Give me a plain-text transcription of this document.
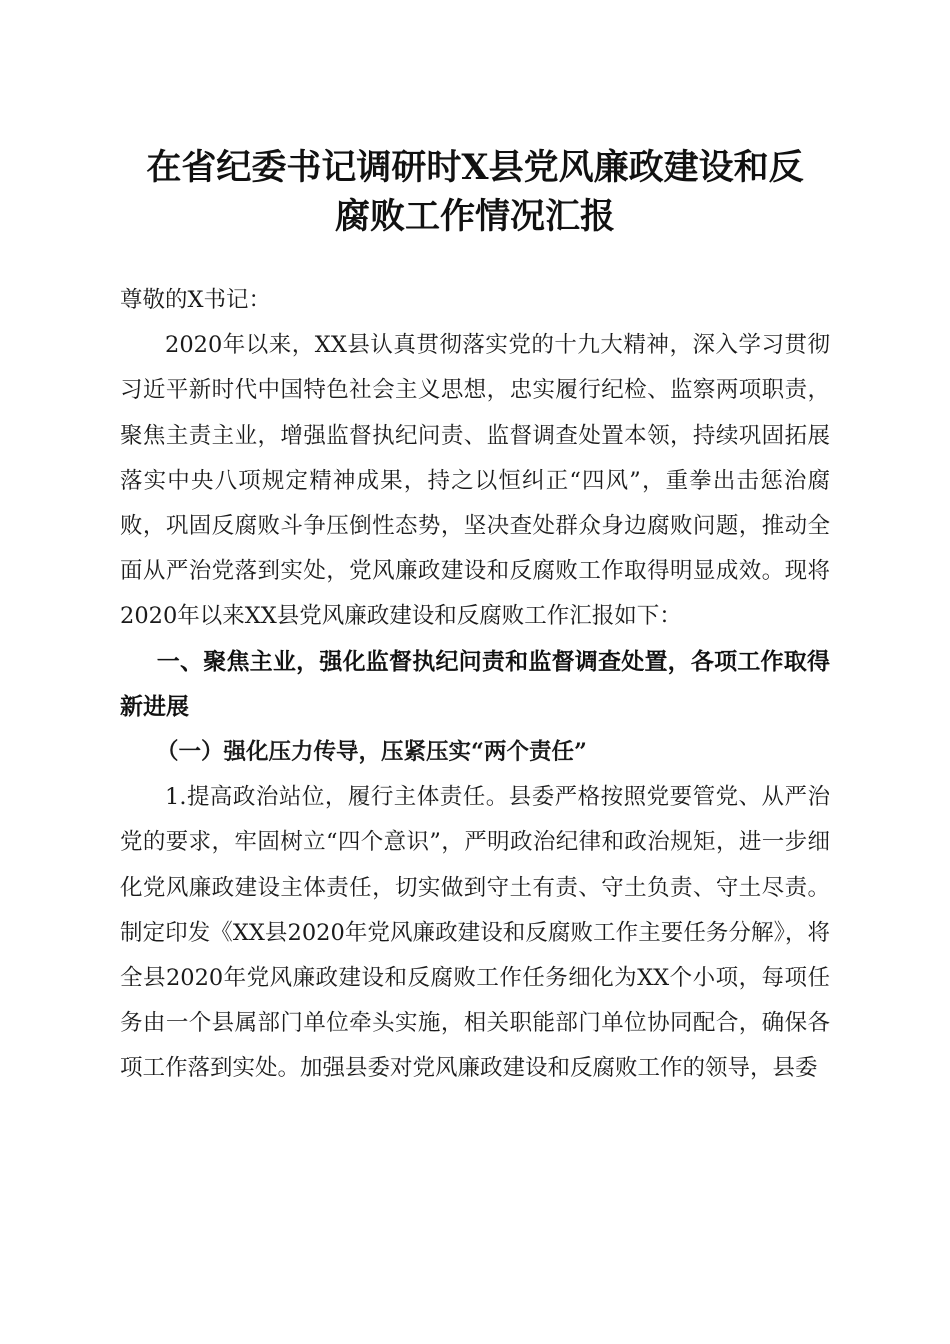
在省纪委书记调研时X县党风廉政建设和反
腐败工作情况汇报

尊敬的X书记：

2020年以来，XX县认真贯彻落实党的十九大精神，深入学习贯彻习近平新时代中国特色社会主义思想，忠实履行纪检、监察两项职责，聚焦主责主业，增强监督执纪问责、监督调查处置本领，持续巩固拓展落实中央八项规定精神成果，持之以恒纠正“四风”，重拳出击惩治腐败，巩固反腐败斗争压倒性态势，坚决查处群众身边腐败问题，推动全面从严治党落到实处，党风廉政建设和反腐败工作取得明显成效。现将2020年以来XX县党风廉政建设和反腐败工作汇报如下：

一、聚焦主业，强化监督执纪问责和监督调查处置，各项工作取得新进展

（一）强化压力传导，压紧压实“两个责任”

1.提高政治站位，履行主体责任。县委严格按照党要管党、从严治党的要求，牢固树立“四个意识”，严明政治纪律和政治规矩，进一步细化党风廉政建设主体责任，切实做到守土有责、守土负责、守土尽责。制定印发《XX县2020年党风廉政建设和反腐败工作主要任务分解》，将全县2020年党风廉政建设和反腐败工作任务细化为XX个小项，每项任务由一个县属部门单位牵头实施，相关职能部门单位协同配合，确保各项工作落到实处。加强县委对党风廉政建设和反腐败工作的领导，县委
